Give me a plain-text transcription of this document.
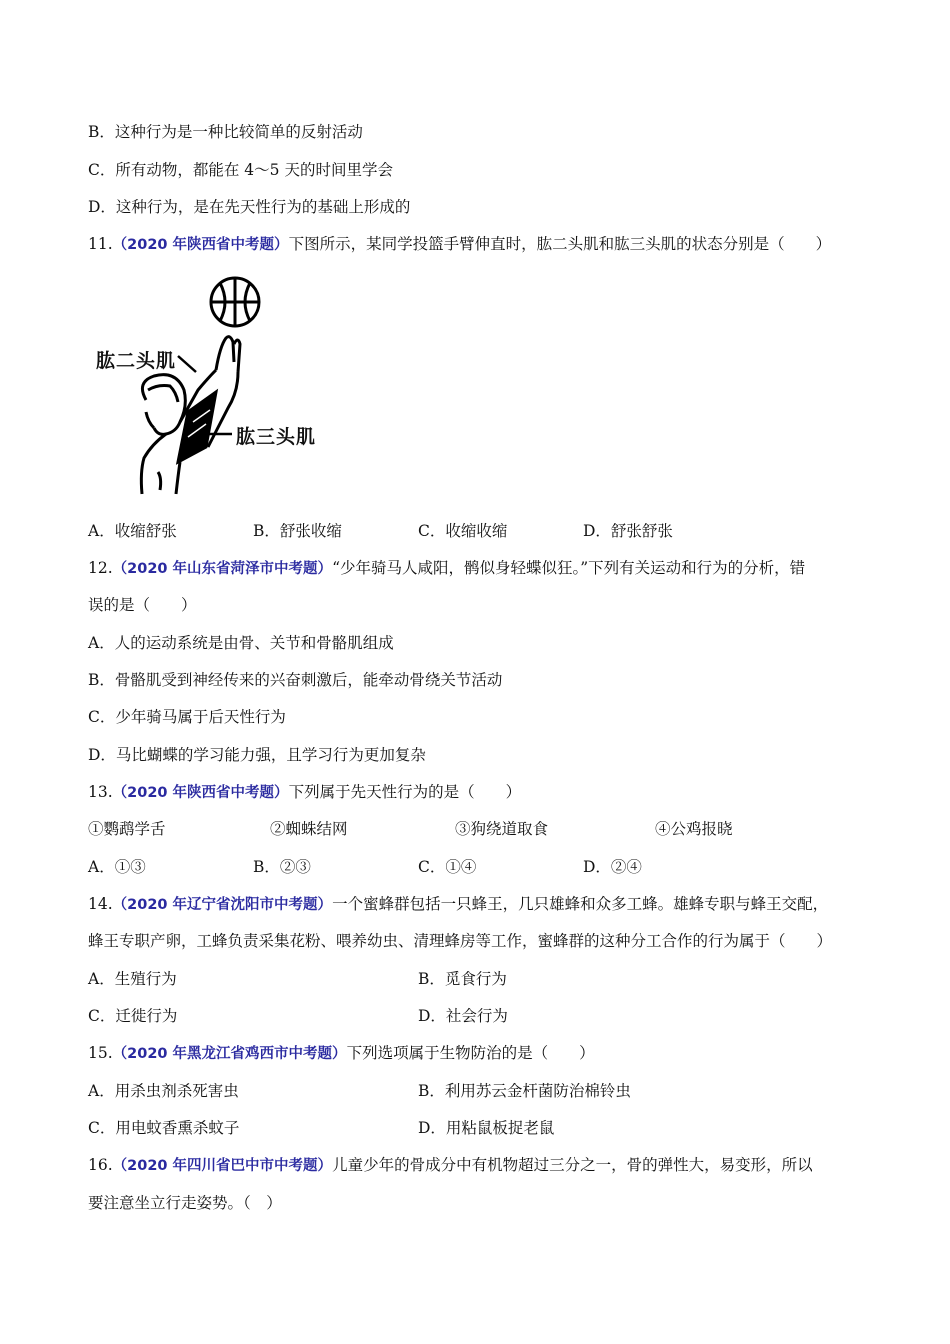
B．这种行为是一种比较简单的反射活动
C．所有动物，都能在 4～5 天的时间里学会
D．这种行为，是在先天性行为的基础上形成的
11.（2020 年陕西省中考题）下图所示，某同学投篮手臂伸直时，肱二头肌和肱三头肌的状态分别是（　　）
肱二头肌
肱三头肌
A．收缩舒张	B．舒张收缩	C．收缩收缩	D．舒张舒张
12.（2020 年山东省菏泽市中考题）“少年骑马人咸阳，鹘似身轻蝶似狂。”下列有关运动和行为的分析，错
误的是（　　）
A．人的运动系统是由骨、关节和骨骼肌组成
B．骨骼肌受到神经传来的兴奋刺激后，能牵动骨绕关节活动
C．少年骑马属于后天性行为
D．马比蝴蝶的学习能力强，且学习行为更加复杂
13.（2020 年陕西省中考题）下列属于先天性行为的是（　　）
①鹦鹉学舌	②蜘蛛结网	③狗绕道取食	④公鸡报晓
A．①③	B．②③	C．①④	D．②④
14.（2020 年辽宁省沈阳市中考题）一个蜜蜂群包括一只蜂王，几只雄蜂和众多工蜂。雄蜂专职与蜂王交配，
蜂王专职产卵，工蜂负责采集花粉、喂养幼虫、清理蜂房等工作，蜜蜂群的这种分工合作的行为属于（　　）
A．生殖行为	B．觅食行为
C．迁徙行为	D．社会行为
15.（2020 年黑龙江省鸡西市中考题）下列选项属于生物防治的是（　　）
A．用杀虫剂杀死害虫	B．利用苏云金杆菌防治棉铃虫
C．用电蚊香熏杀蚊子	D．用粘鼠板捉老鼠
16.（2020 年四川省巴中市中考题）儿童少年的骨成分中有机物超过三分之一，骨的弹性大，易变形，所以
要注意坐立行走姿势。（　）
